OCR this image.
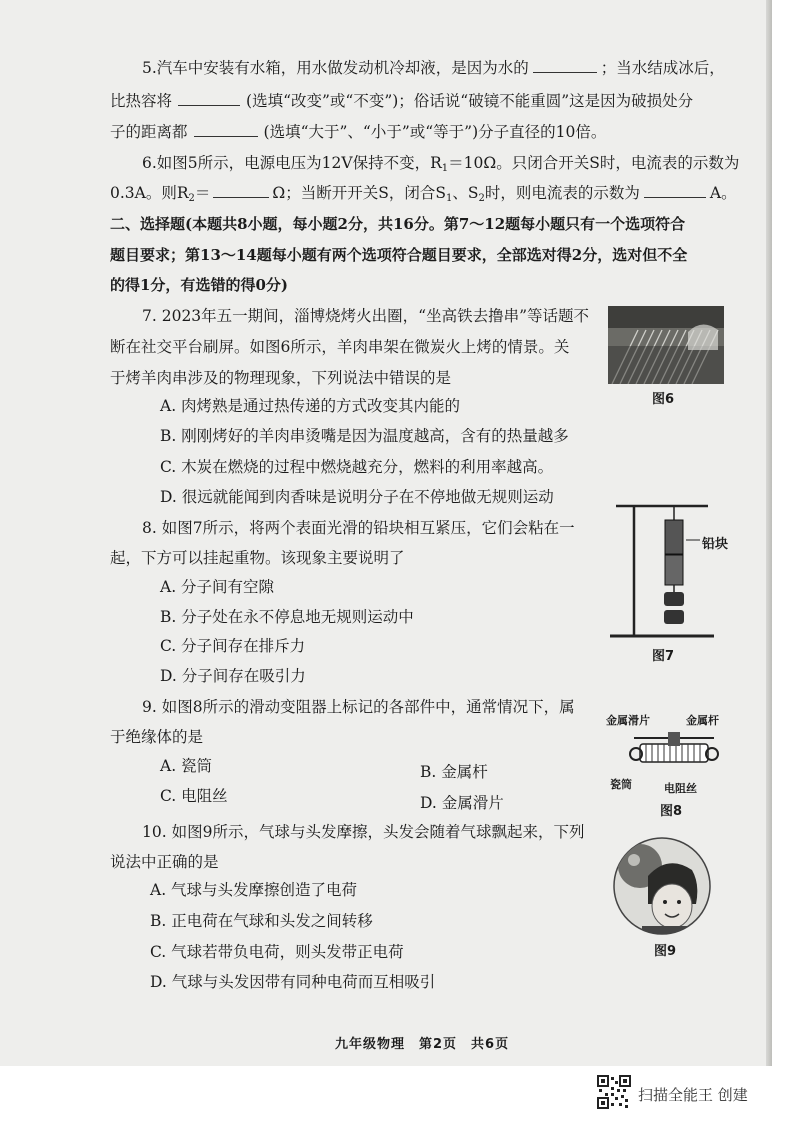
5.汽车中安装有水箱，用水做发动机冷却液，是因为水的	；当水结成冰后，
比热容将	(选填“改变”或“不变”)；俗话说“破镜不能重圆”这是因为破损处分
子的距离都	(选填“大于”、“小于”或“等于”)分子直径的10倍。
6.如图5所示，电源电压为12V保持不变，$R_1=10\Omega$。只闭合开关S时，电流表的示数为
0.3A。则$R_2=$	Ω；当断开开关S，闭合$S_1$、$S_2$时，则电流表的示数为	A。
二、选择题(本题共8小题，每小题2分，共16分。第7～12题每小题只有一个选项符合
题目要求；第13～14题每小题有两个选项符合题目要求，全部选对得2分，选对但不全
的得1分，有选错的得0分)
7. 2023年五一期间，淄博烧烤火出圈，“坐高铁去撸串”等话题不
断在社交平台刷屏。如图6所示，羊肉串架在微炭火上烤的情景。关
于烤羊肉串涉及的物理现象，下列说法中错误的是
A. 肉烤熟是通过热传递的方式改变其内能的
B. 刚刚烤好的羊肉串烫嘴是因为温度越高，含有的热量越多
C. 木炭在燃烧的过程中燃烧越充分，燃料的利用率越高。
D. 很远就能闻到肉香味是说明分子在不停地做无规则运动
图6
8. 如图7所示，将两个表面光滑的铅块相互紧压，它们会粘在一
起，下方可以挂起重物。该现象主要说明了
A. 分子间有空隙
B. 分子处在永不停息地无规则运动中
C. 分子间存在排斥力
D. 分子间存在吸引力
铅块
图7
9. 如图8所示的滑动变阻器上标记的各部件中，通常情况下，属
于绝缘体的是
A. 瓷筒	B. 金属杆
C. 电阻丝	D. 金属滑片
金属滑片	金属杆
瓷筒	电阻丝
图8
10. 如图9所示，气球与头发摩擦，头发会随着气球飘起来，下列
说法中正确的是
A. 气球与头发摩擦创造了电荷
B. 正电荷在气球和头发之间转移
C. 气球若带负电荷，则头发带正电荷
D. 气球与头发因带有同种电荷而互相吸引
图9
九年级物理　第2页　共6页
扫描全能王 创建
